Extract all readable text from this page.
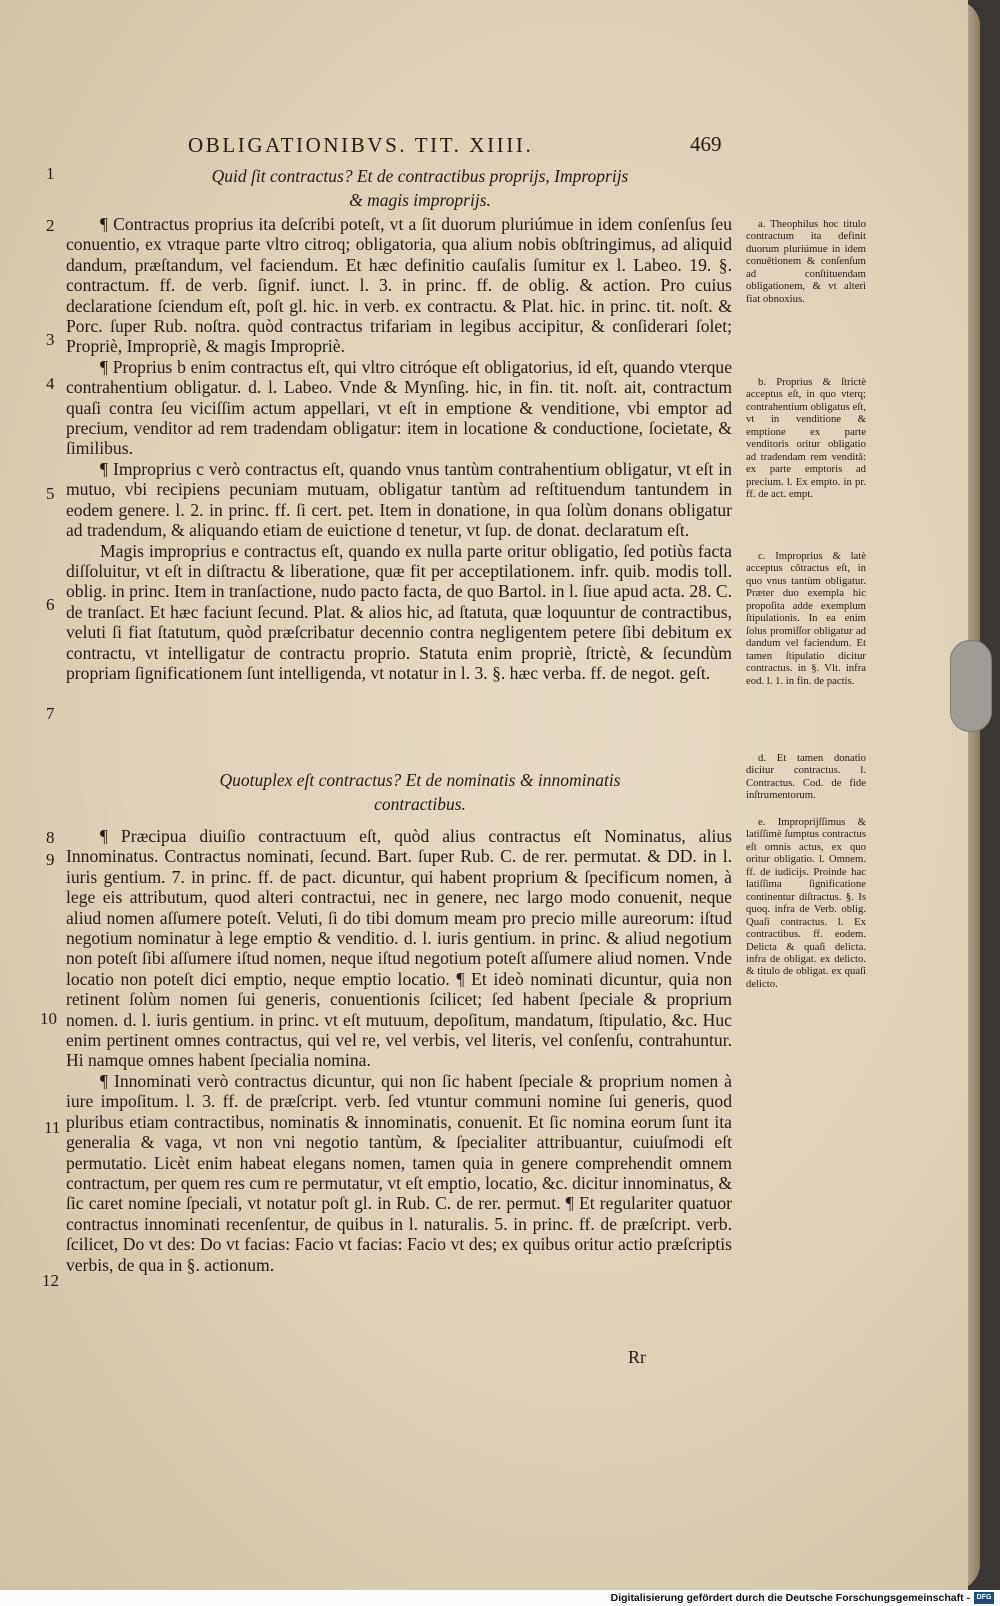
OBLIGATIONIBVS. TIT. XIIII.	469
1
2
3
4
5
6
7
8
9
10
11
12
Quid ſit contractus? Et de contractibus proprijs, Improprijs
& magis improprijs.

¶ Contractus proprius ita deſcribi poteſt, vt a ſit duorum pluriúmue in idem conſenſus ſeu conuentio, ex vtraque parte vltro citroq; obligatoria, qua alium nobis obſtringimus, ad aliquid dandum, præſtandum, vel faciendum. Et hæc definitio cauſalis ſumitur ex l. Labeo. 19. §. contractum. ff. de verb. ſignif. iunct. l. 3. in princ. ff. de oblig. & action. Pro cuius declaratione ſciendum eſt, poſt gl. hic. in verb. ex contractu. & Plat. hic. in princ. tit. noſt. & Porc. ſuper Rub. noſtra. quòd contractus trifariam in legibus accipitur, & conſiderari ſolet; Propriè, Impropriè, & magis Impropriè.

¶ Proprius b enim contractus eſt, qui vltro citróque eſt obligatorius, id eſt, quando vterque contrahentium obligatur. d. l. Labeo. Vnde & Mynſing. hic, in fin. tit. noſt. ait, contractum quaſi contra ſeu viciſſim actum appellari, vt eſt in emptione & venditione, vbi emptor ad precium, venditor ad rem tradendam obligatur: item in locatione & conductione, ſocietate, & ſimilibus.

¶ Improprius c verò contractus eſt, quando vnus tantùm contrahentium obligatur, vt eſt in mutuo, vbi recipiens pecuniam mutuam, obligatur tantùm ad reſtituendum tantundem in eodem genere. l. 2. in princ. ff. ſi cert. pet. Item in donatione, in qua ſolùm donans obligatur ad tradendum, & aliquando etiam de euictione d tenetur, vt ſup. de donat. declaratum eſt.

Magis improprius e contractus eſt, quando ex nulla parte oritur obligatio, ſed potiùs facta diſſoluitur, vt eſt in diſtractu & liberatione, quæ fit per acceptilationem. infr. quib. modis toll. oblig. in princ. Item in tranſactione, nudo pacto facta, de quo Bartol. in l. ſiue apud acta. 28. C. de tranſact. Et hæc faciunt ſecund. Plat. & alios hic, ad ſtatuta, quæ loquuntur de contractibus, veluti ſi fiat ſtatutum, quòd præſcribatur decennio contra negligentem petere ſibi debitum ex contractu, vt intelligatur de contractu proprio. Statuta enim propriè, ſtrictè, & ſecundùm propriam ſignificationem ſunt intelligenda, vt notatur in l. 3. §. hæc verba. ff. de negot. geſt.

Quotuplex eſt contractus? Et de nominatis & innominatis
contractibus.

¶ Præcipua diuiſio contractuum eſt, quòd alius contractus eſt Nominatus, alius Innominatus. Contractus nominati, ſecund. Bart. ſuper Rub. C. de rer. permutat. & DD. in l. iuris gentium. 7. in princ. ff. de pact. dicuntur, qui habent proprium & ſpecificum nomen, à lege eis attributum, quod alteri contractui, nec in genere, nec largo modo conuenit, neque aliud nomen aſſumere poteſt. Veluti, ſi do tibi domum meam pro precio mille aureorum: iſtud negotium nominatur à lege emptio & venditio. d. l. iuris gentium. in princ. & aliud negotium non poteſt ſibi aſſumere iſtud nomen, neque iſtud negotium poteſt aſſumere aliud nomen. Vnde locatio non poteſt dici emptio, neque emptio locatio. ¶ Et ideò nominati dicuntur, quia non retinent ſolùm nomen ſui generis, conuentionis ſcilicet; ſed habent ſpeciale & proprium nomen. d. l. iuris gentium. in princ. vt eſt mutuum, depoſitum, mandatum, ſtipulatio, &c. Huc enim pertinent omnes contractus, qui vel re, vel verbis, vel literis, vel conſenſu, contrahuntur. Hi namque omnes habent ſpecialia nomina.

¶ Innominati verò contractus dicuntur, qui non ſic habent ſpeciale & proprium nomen à iure impoſitum. l. 3. ff. de præſcript. verb. ſed vtuntur communi nomine ſui generis, quod pluribus etiam contractibus, nominatis & innominatis, conuenit. Et ſic nomina eorum ſunt ita generalia & vaga, vt non vni negotio tantùm, & ſpecialiter attribuantur, cuiuſmodi eſt permutatio. Licèt enim habeat elegans nomen, tamen quia in genere comprehendit omnem contractum, per quem res cum re permutatur, vt eſt emptio, locatio, &c. dicitur innominatus, & ſic caret nomine ſpeciali, vt notatur poſt gl. in Rub. C. de rer. permut. ¶ Et regulariter quatuor contractus innominati recenſentur, de quibus in l. naturalis. 5. in princ. ff. de præſcript. verb. ſcilicet, Do vt des: Do vt facias: Facio vt facias: Facio vt des; ex quibus oritur actio præſcriptis verbis, de qua in §. actionum.

a. Theophilus hoc titulo contractum ita definit duorum pluriúmue in idem conuētionem & conſenſum ad conſtituendam obligationem, & vt alteri fiat obnoxius.

b. Proprius & ſtrictè acceptus eſt, in quo vterq; contrahentium obligatus eſt, vt in venditione & emptione ex parte venditoris oritur obligatio ad tradendam rem venditā: ex parte emptoris ad precium. l. Ex empto. in pr. ff. de act. empt.

c. Improprius & latè acceptus cōtractus eſt, in quo vnus tantùm obligatur. Præter duo exempla hic propoſita adde exemplum ſtipulationis. In ea enim ſolus promiſſor obligatur ad dandum vel faciendum. Et tamen ſtipulatio dicitur contractus. in §. Vlt. infra eod. l. 1. in fin. de pactis.

d. Et tamen donatio dicitur contractus. l. Contractus. Cod. de fide inſtrumentorum.

e. Improprijſſimus & latiſſimè ſumptus contractus eſt omnis actus, ex quo oritur obligatio. l. Omnem. ff. de iudicijs. Proinde hac latiſſima ſignificatione continentur diſtractus. §. Is quoq. infra de Verb. oblig. Quaſi contractus. l. Ex contractibus. ff. eodem. Delicta & quaſi delicta. infra de obligat. ex delicto. & titulo de obligat. ex quaſi delicto.

Rr
Digitalisierung gefördert durch die Deutsche Forschungsgemeinschaft - DFG
